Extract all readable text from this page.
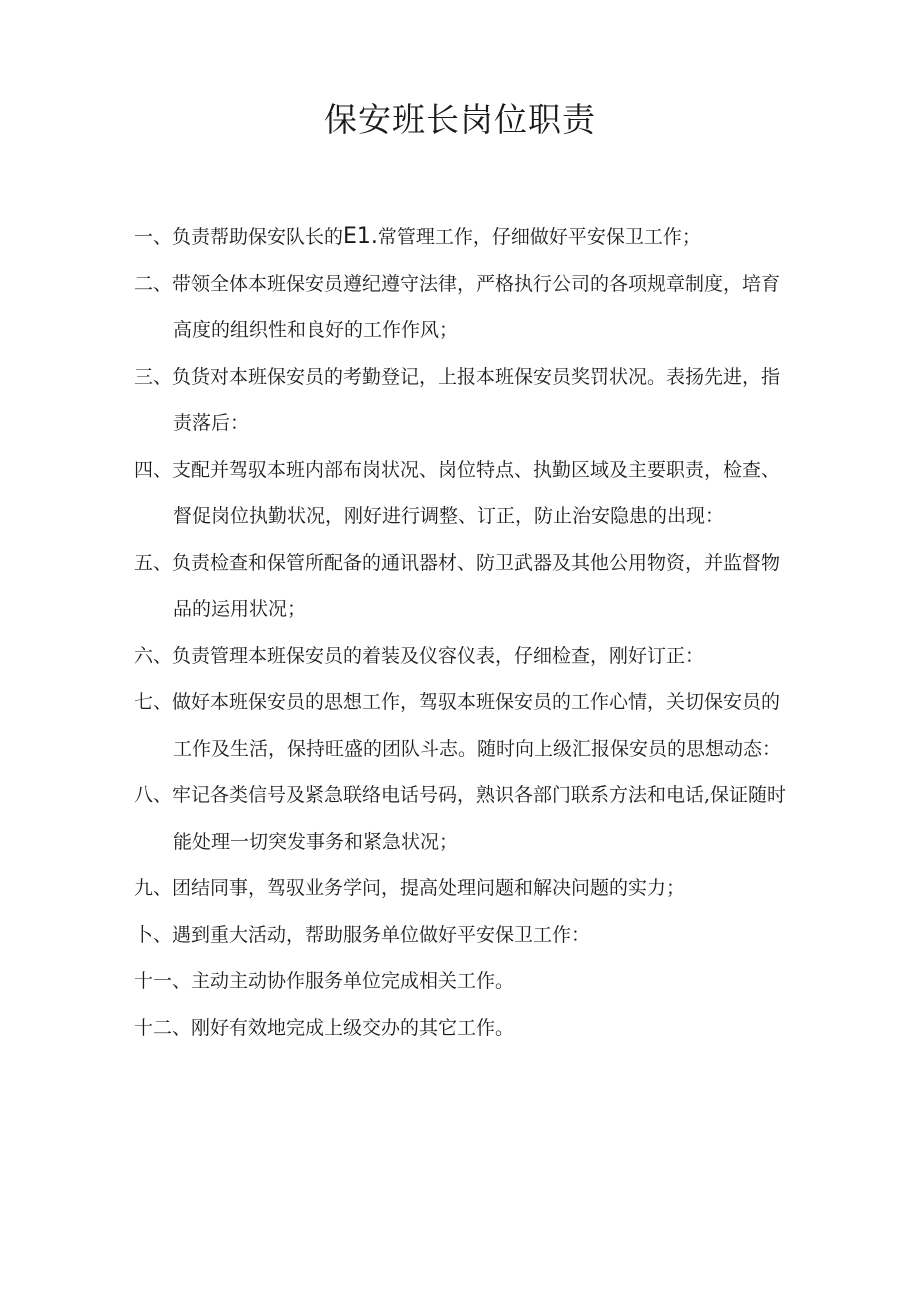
保安班长岗位职责
一、负责帮助保安队长的E1.常管理工作，仔细做好平安保卫工作；
二、带领全体本班保安员遵纪遵守法律，严格执行公司的各项规章制度，培育高度的组织性和良好的工作作风；
三、负货对本班保安员的考勤登记，上报本班保安员奖罚状况。表扬先进，指责落后：
四、支配并驾驭本班内部布岗状况、岗位特点、执勤区域及主要职责，检查、督促岗位执勤状况，刚好进行调整、订正，防止治安隐患的出现：
五、负责检查和保管所配备的通讯器材、防卫武器及其他公用物资，并监督物品的运用状况；
六、负责管理本班保安员的着装及仪容仪表，仔细检查，刚好订正：
七、做好本班保安员的思想工作，驾驭本班保安员的工作心情，关切保安员的工作及生活，保持旺盛的团队斗志。随时向上级汇报保安员的思想动态：
八、牢记各类信号及紧急联络电话号码，熟识各部门联系方法和电话,保证随时能处理一切突发事务和紧急状况；
九、团结同事，驾驭业务学问，提高处理问题和解决问题的实力；
卜、遇到重大活动，帮助服务单位做好平安保卫工作：
十一、主动主动协作服务单位完成相关工作。
十二、刚好有效地完成上级交办的其它工作。
